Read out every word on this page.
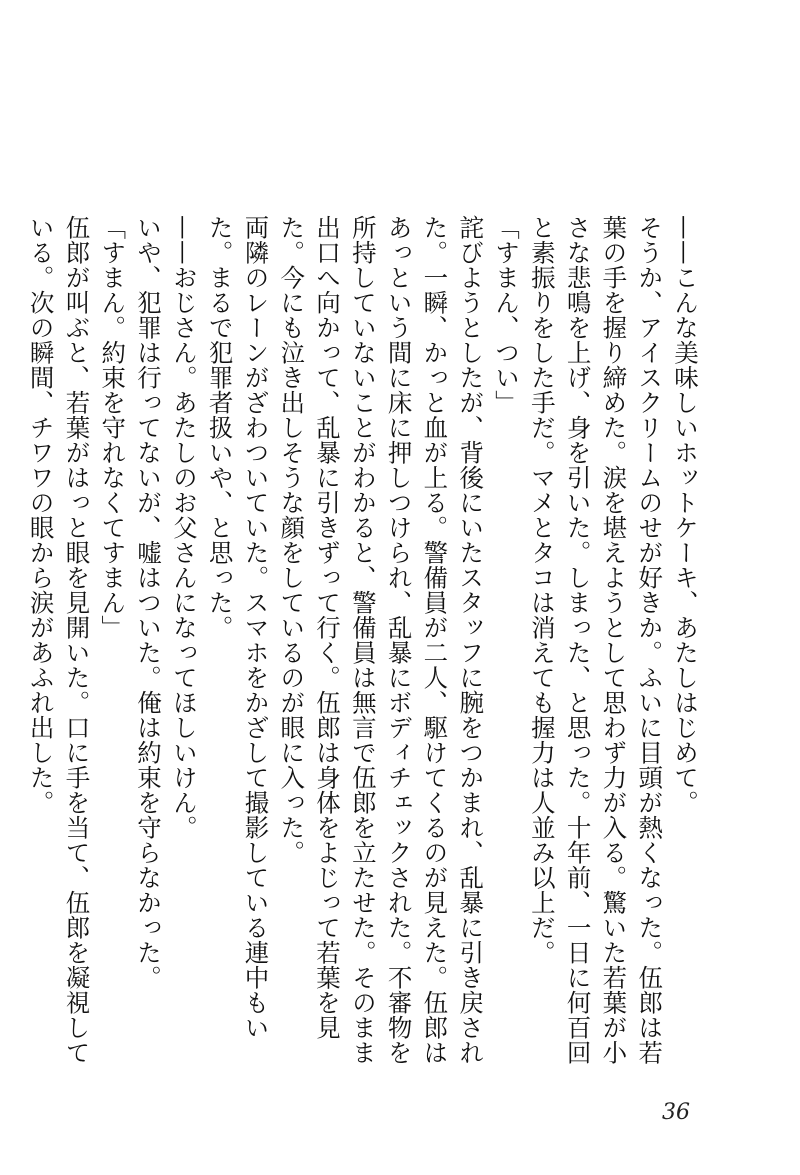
——こんな美味しいホットケーキ、あたしはじめて。

そうか、アイスクリームのせが好きか。ふいに目頭が熱くなった。伍郎は若葉の手を握り締めた。涙を堪えようとして思わず力が入る。驚いた若葉が小さな悲鳴を上げ、身を引いた。しまった、と思った。十年前、一日に何百回と素振りをした手だ。マメとタコは消えても握力は人並み以上だ。

「すまん、つい」

詫びようとしたが、背後にいたスタッフに腕をつかまれ、乱暴に引き戻された。一瞬、かっと血が上る。警備員が二人、駆けてくるのが見えた。伍郎はあっという間に床に押しつけられ、乱暴にボディチェックされた。不審物を所持していないことがわかると、警備員は無言で伍郎を立たせた。そのまま出口へ向かって、乱暴に引きずって行く。伍郎は身体をよじって若葉を見た。今にも泣き出しそうな顔をしているのが眼に入った。

両隣のレーンがざわついていた。スマホをかざして撮影している連中もいた。まるで犯罪者扱いや、と思った。

——おじさん。あたしのお父さんになってほしいけん。

いや、犯罪は行ってないが、嘘はついた。俺は約束を守らなかった。

「すまん。約束を守れなくてすまん」

伍郎が叫ぶと、若葉がはっと眼を見開いた。口に手を当て、伍郎を凝視している。次の瞬間、チワワの眼から涙があふれ出した。

36
